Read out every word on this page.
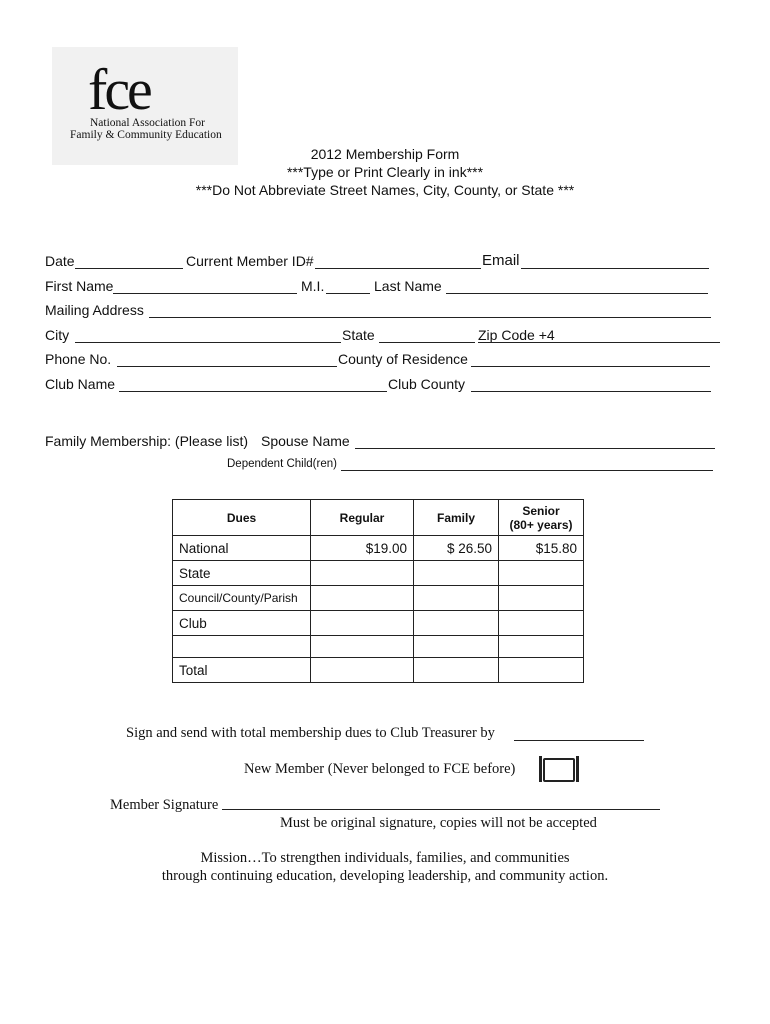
fce
National Association For
Family & Community Education
2012 Membership Form
***Type or Print Clearly in ink***
***Do Not Abbreviate Street Names, City, County, or State ***
Date	Current Member ID#	Email
First Name	M.I.	Last Name
Mailing Address
City	State	Zip Code +4
Phone No.	County of Residence
Club Name	Club County
Family Membership: (Please list) Spouse Name
Dependent Child(ren)
Dues	Regular	Family	Senior
(80+ years)
National	$19.00	$ 26.50	$15.80
State			
Council/County/Parish			
Club			

Total			
Sign and send with total membership dues to Club Treasurer by
New Member (Never belonged to FCE before)
Member Signature
Must be original signature, copies will not be accepted
Mission…To strengthen individuals, families, and communities
through continuing education, developing leadership, and community action.
